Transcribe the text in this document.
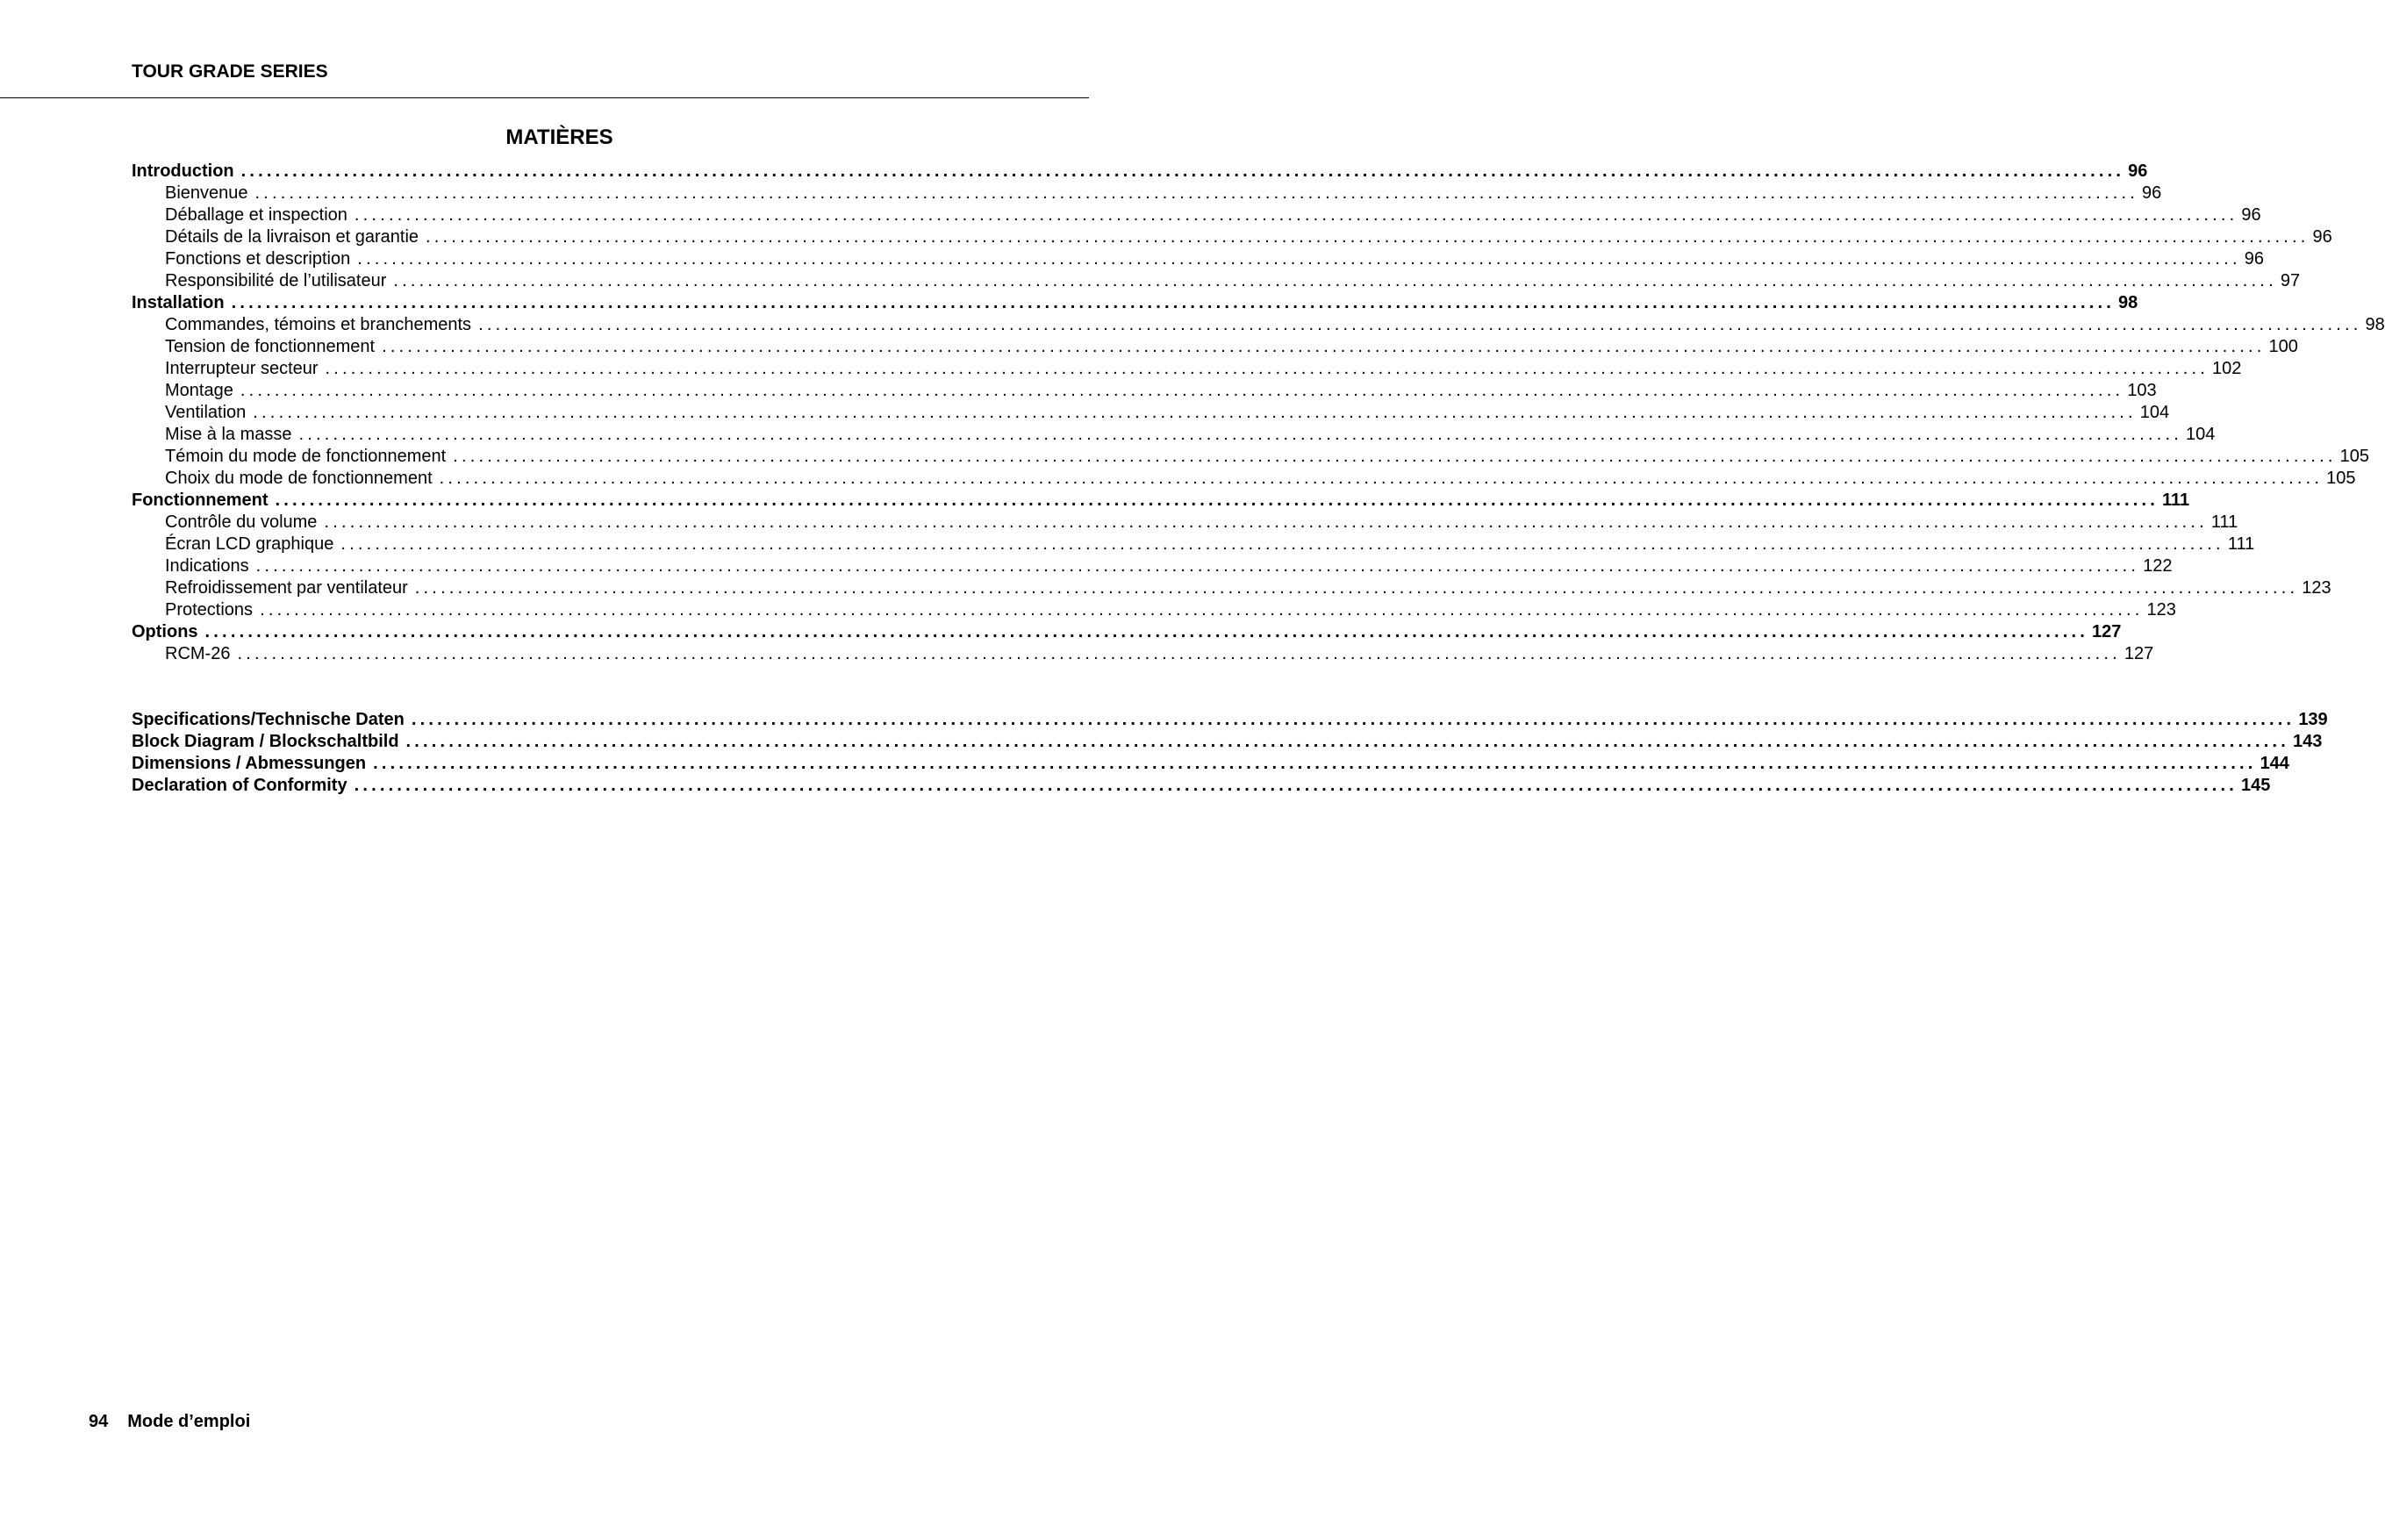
TOUR GRADE SERIES
MATIÈRES
Introduction ............................................................................................................................................................................................................................ 96
Bienvenue ............................................................................................................................................................................................................................ 96
Déballage et inspection ............................................................................................................................................................................................................................ 96
Détails de la livraison et garantie ............................................................................................................................................................................................................................ 96
Fonctions et description ............................................................................................................................................................................................................................ 96
Responsibilité de l’utilisateur ............................................................................................................................................................................................................................ 97
Installation ............................................................................................................................................................................................................................ 98
Commandes, témoins et branchements ............................................................................................................................................................................................................................ 98
Tension de fonctionnement ............................................................................................................................................................................................................................ 100
Interrupteur secteur ............................................................................................................................................................................................................................ 102
Montage ............................................................................................................................................................................................................................ 103
Ventilation ............................................................................................................................................................................................................................ 104
Mise à la masse ............................................................................................................................................................................................................................ 104
Témoin du mode de fonctionnement ............................................................................................................................................................................................................................ 105
Choix du mode de fonctionnement ............................................................................................................................................................................................................................ 105
Fonctionnement ............................................................................................................................................................................................................................ 111
Contrôle du volume ............................................................................................................................................................................................................................ 111
Écran LCD graphique ............................................................................................................................................................................................................................ 111
Indications ............................................................................................................................................................................................................................ 122
Refroidissement par ventilateur ............................................................................................................................................................................................................................ 123
Protections ............................................................................................................................................................................................................................ 123
Options ............................................................................................................................................................................................................................ 127
RCM-26 ............................................................................................................................................................................................................................ 127
Specifications/Technische Daten ............................................................................................................................................................................................................................ 139
Block Diagram / Blockschaltbild ............................................................................................................................................................................................................................ 143
Dimensions / Abmessungen ............................................................................................................................................................................................................................ 144
Declaration of Conformity ............................................................................................................................................................................................................................ 145
94 Mode d’emploi
